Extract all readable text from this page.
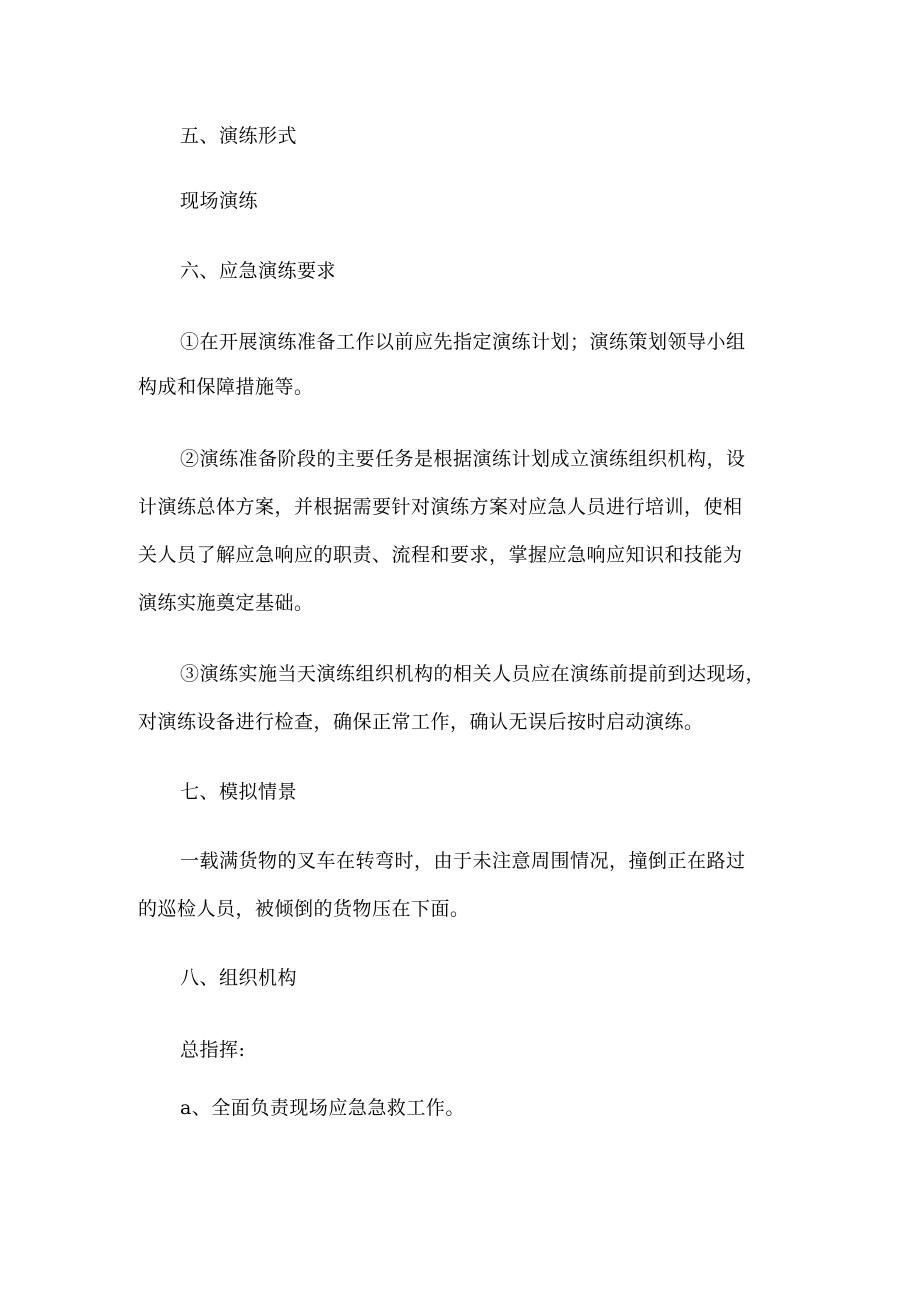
五、演练形式
现场演练
六、应急演练要求
①在开展演练准备工作以前应先指定演练计划；演练策划领导小组
构成和保障措施等。
②演练准备阶段的主要任务是根据演练计划成立演练组织机构，设
计演练总体方案，并根据需要针对演练方案对应急人员进行培训，使相
关人员了解应急响应的职责、流程和要求，掌握应急响应知识和技能为
演练实施奠定基础。
③演练实施当天演练组织机构的相关人员应在演练前提前到达现场，
对演练设备进行检查，确保正常工作，确认无误后按时启动演练。
七、模拟情景
一载满货物的叉车在转弯时，由于未注意周围情况，撞倒正在路过
的巡检人员，被倾倒的货物压在下面。
八、组织机构
总指挥:
a、全面负责现场应急急救工作。
